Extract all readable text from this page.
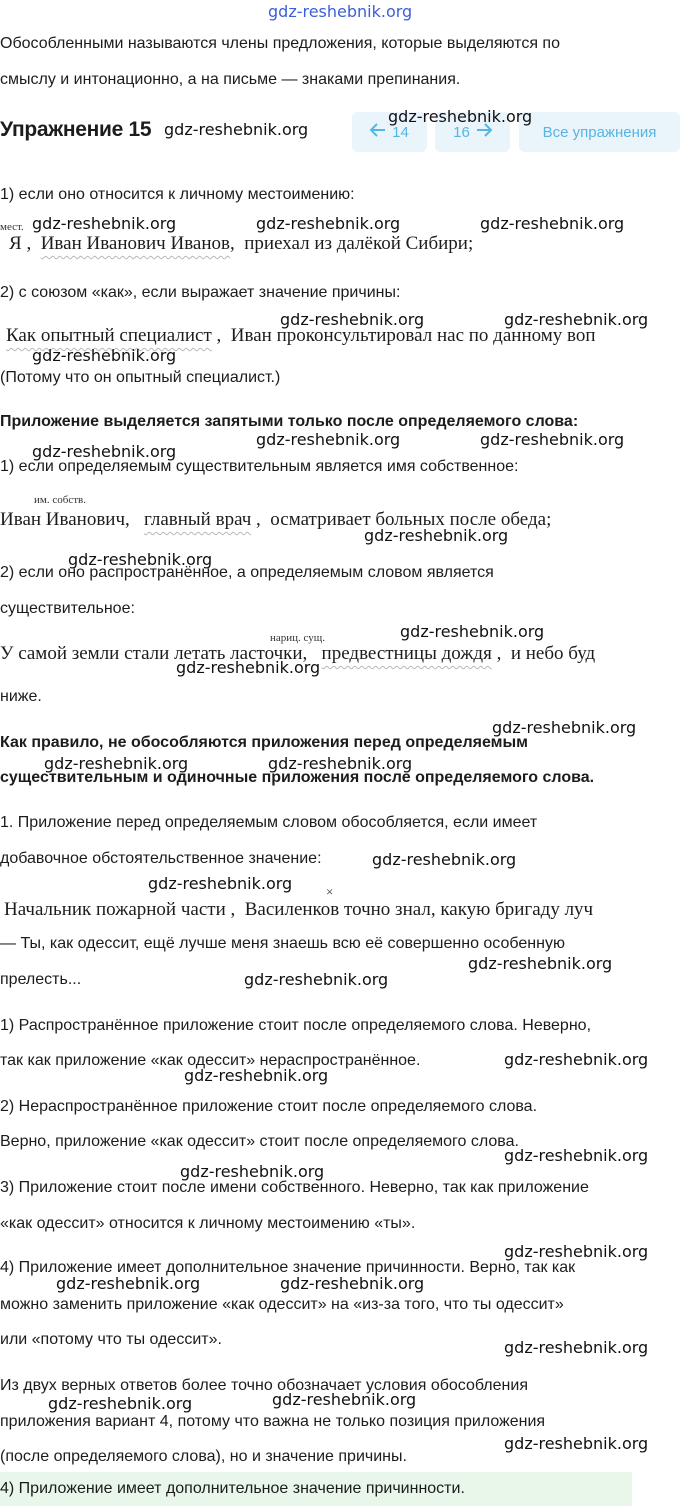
gdz-reshebnik.org
Обособленными называются члены предложения, которые выделяются по
смыслу и интонационно, а на письме — знаками препинания.
Упражнение 15 gdz-reshebnik.org
gdz-reshebnik.org
14	16	Все упражнения
1) если оно относится к личному местоимению:
мест. gdz-reshebnik.org	gdz-reshebnik.org	gdz-reshebnik.org
Я ,  Иван Иванович Иванов,  приехал из далёкой Сибири;
2) с союзом «как», если выражает значение причины:
gdz-reshebnik.org	gdz-reshebnik.org
Как опытный специалист ,  Иван проконсультировал нас по данному воп
gdz-reshebnik.org
(Потому что он опытный специалист.)
Приложение выделяется запятыми только после определяемого слова:
gdz-reshebnik.org	gdz-reshebnik.org
gdz-reshebnik.org
1) если определяемым существительным является имя собственное:
им. собств.
Иван Иванович, главный врач ,  осматривает больных после обеда;
gdz-reshebnik.org
gdz-reshebnik.org
2) если оно распространённое, а определяемым словом является
существительное:
gdz-reshebnik.org
нариц. сущ.
У самой земли стали летать ласточки, предвестницы дождя ,  и небо буд
gdz-reshebnik.org
ниже.
gdz-reshebnik.org
Как правило, не обособляются приложения перед определяемым
gdz-reshebnik.org	gdz-reshebnik.org
существительным и одиночные приложения после определяемого слова.
1. Приложение перед определяемым словом обособляется, если имеет
добавочное обстоятельственное значение:	gdz-reshebnik.org
gdz-reshebnik.org	×
Начальник пожарной части ,  Василенков точно знал, какую бригаду луч
— Ты, как одессит, ещё лучше меня знаешь всю её совершенно особенную
gdz-reshebnik.org
прелесть...	gdz-reshebnik.org
1) Распространённое приложение стоит после определяемого слова. Неверно,
так как приложение «как одессит» нераспространённое.	gdz-reshebnik.org
gdz-reshebnik.org
2) Нераспространённое приложение стоит после определяемого слова.
Верно, приложение «как одессит» стоит после определяемого слова.
gdz-reshebnik.org
gdz-reshebnik.org
3) Приложение стоит после имени собственного. Неверно, так как приложение
«как одессит» относится к личному местоимению «ты».
gdz-reshebnik.org
4) Приложение имеет дополнительное значение причинности. Верно, так как
gdz-reshebnik.org	gdz-reshebnik.org
можно заменить приложение «как одессит» на «из-за того, что ты одессит»
или «потому что ты одессит».	gdz-reshebnik.org
Из двух верных ответов более точно обозначает условия обособления
gdz-reshebnik.org
gdz-reshebnik.org
приложения вариант 4, потому что важна не только позиция приложения
gdz-reshebnik.org
(после определяемого слова), но и значение причины.
4) Приложение имеет дополнительное значение причинности.
